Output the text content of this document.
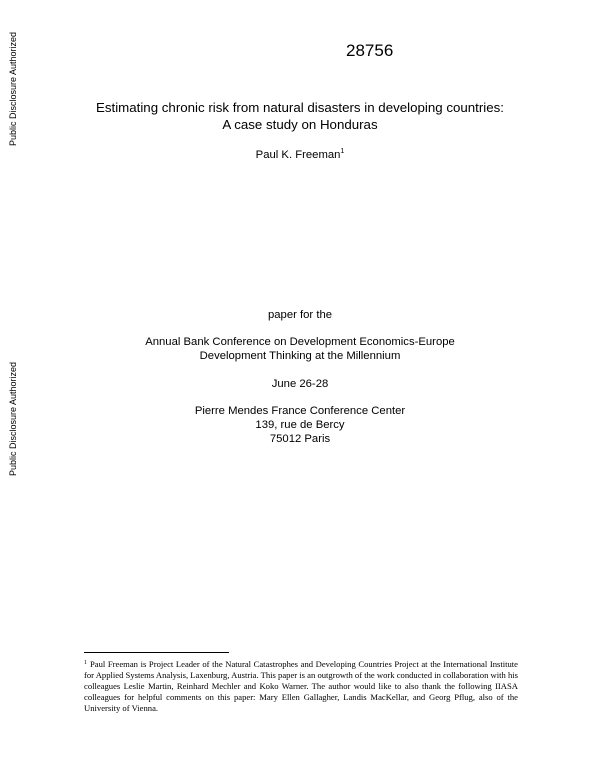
Public Disclosure Authorized
Public Disclosure Authorized
28756
Estimating chronic risk from natural disasters in developing countries:
A case study on Honduras
Paul K. Freeman$^1$
paper for the
Annual Bank Conference on Development Economics-Europe
Development Thinking at the Millennium
June 26-28
Pierre Mendes France Conference Center
139, rue de Bercy
75012 Paris
$^1$ Paul Freeman is Project Leader of the Natural Catastrophes and Developing Countries Project at the International Institute for Applied Systems Analysis, Laxenburg, Austria. This paper is an outgrowth of the work conducted in collaboration with his colleagues Leslie Martin, Reinhard Mechler and Koko Warner. The author would like to also thank the following IIASA colleagues for helpful comments on this paper: Mary Ellen Gallagher, Landis MacKellar, and Georg Pflug, also of the University of Vienna.
